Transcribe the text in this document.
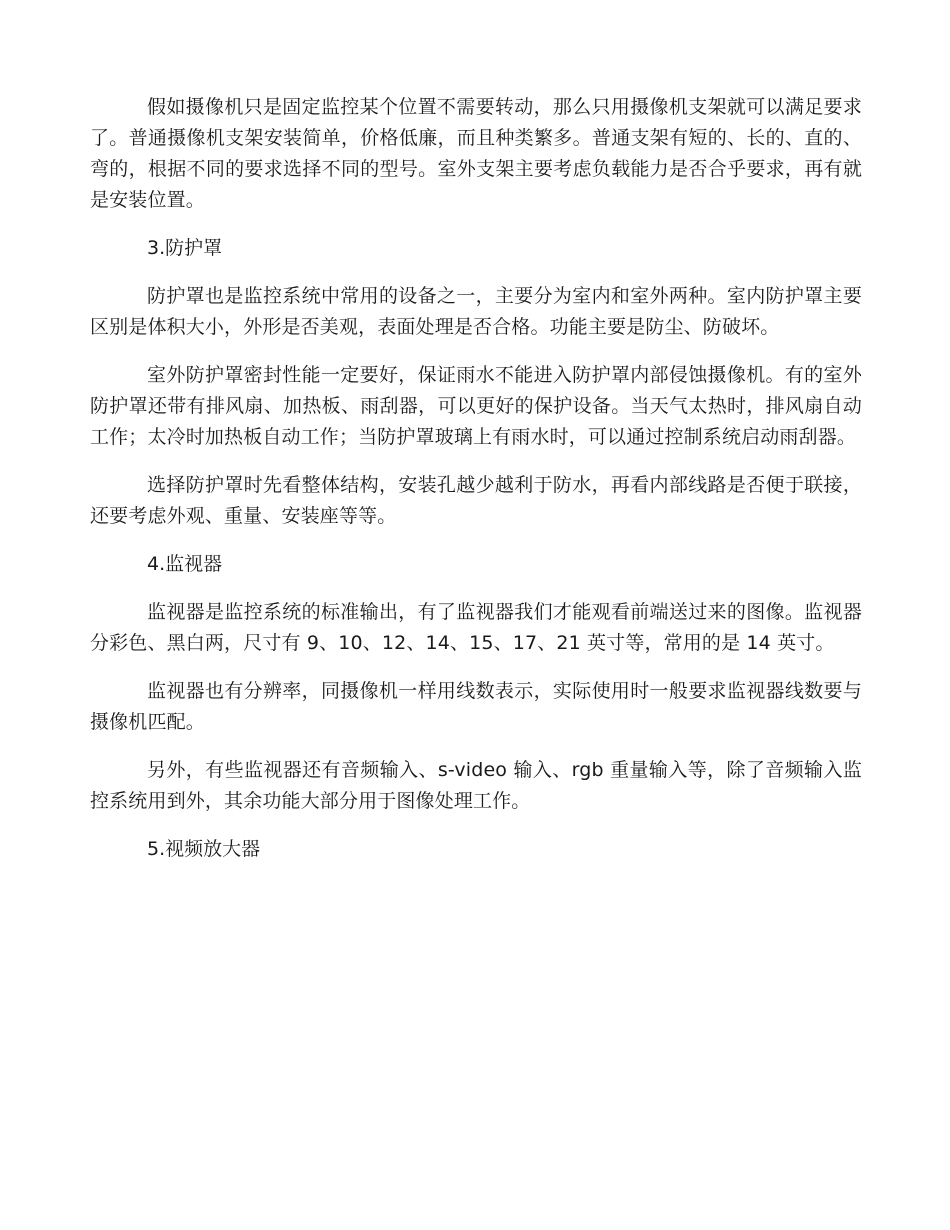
假如摄像机只是固定监控某个位置不需要转动，那么只用摄像机支架就可以满足要求了。普通摄像机支架安装简单，价格低廉，而且种类繁多。普通支架有短的、长的、直的、弯的，根据不同的要求选择不同的型号。室外支架主要考虑负载能力是否合乎要求，再有就是安装位置。

3.防护罩

防护罩也是监控系统中常用的设备之一，主要分为室内和室外两种。室内防护罩主要区别是体积大小，外形是否美观，表面处理是否合格。功能主要是防尘、防破坏。

室外防护罩密封性能一定要好，保证雨水不能进入防护罩内部侵蚀摄像机。有的室外防护罩还带有排风扇、加热板、雨刮器，可以更好的保护设备。当天气太热时，排风扇自动工作；太冷时加热板自动工作；当防护罩玻璃上有雨水时，可以通过控制系统启动雨刮器。

选择防护罩时先看整体结构，安装孔越少越利于防水，再看内部线路是否便于联接，还要考虑外观、重量、安装座等等。

4.监视器

监视器是监控系统的标准输出，有了监视器我们才能观看前端送过来的图像。监视器分彩色、黑白两，尺寸有 9、10、12、14、15、17、21 英寸等，常用的是 14 英寸。

监视器也有分辨率，同摄像机一样用线数表示，实际使用时一般要求监视器线数要与摄像机匹配。

另外，有些监视器还有音频输入、s-video 输入、rgb 重量输入等，除了音频输入监控系统用到外，其余功能大部分用于图像处理工作。

5.视频放大器
